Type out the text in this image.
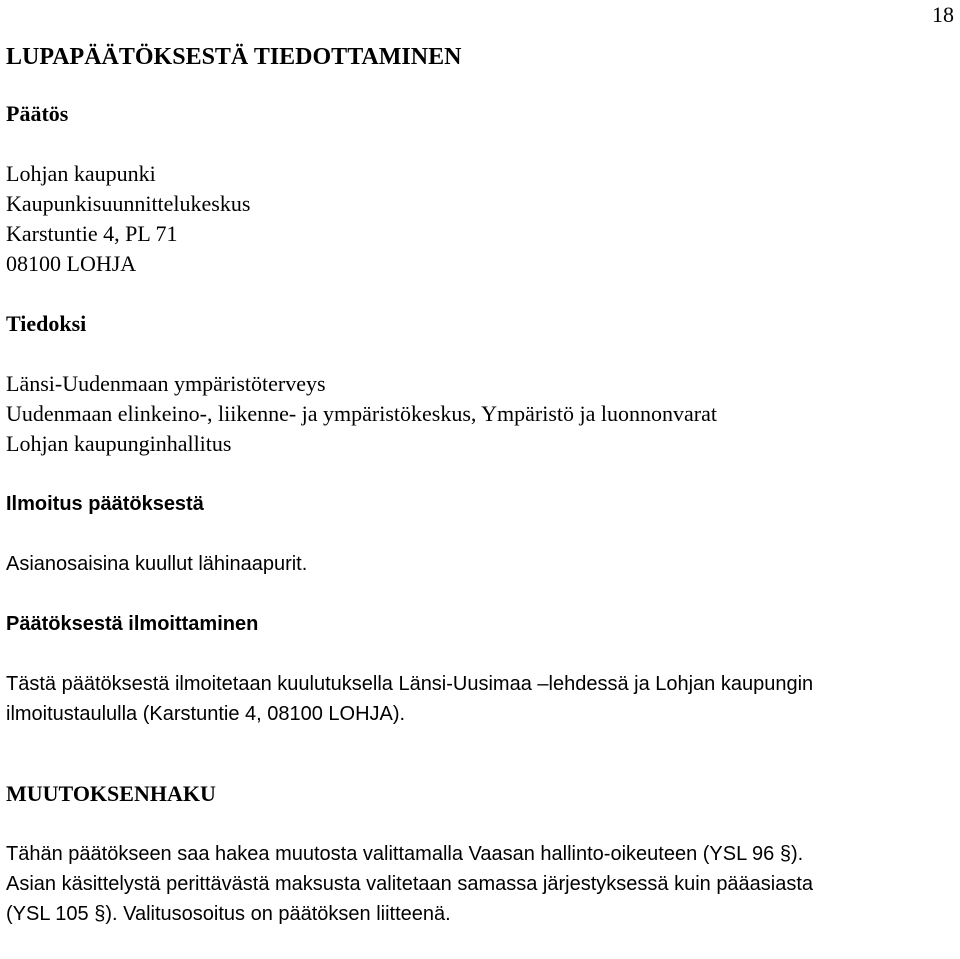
18
LUPAPÄÄTÖKSESTÄ TIEDOTTAMINEN
Päätös
Lohjan kaupunki
Kaupunkisuunnittelukeskus
Karstuntie 4, PL 71
08100 LOHJA
Tiedoksi
Länsi-Uudenmaan ympäristöterveys
Uudenmaan elinkeino-, liikenne- ja ympäristökeskus, Ympäristö ja luonnonvarat
Lohjan kaupunginhallitus
Ilmoitus päätöksestä
Asianosaisina kuullut lähinaapurit.
Päätöksestä ilmoittaminen
Tästä päätöksestä ilmoitetaan kuulutuksella Länsi-Uusimaa –lehdessä ja Lohjan kaupungin
ilmoitustaululla (Karstuntie 4, 08100 LOHJA).
MUUTOKSENHAKU
Tähän päätökseen saa hakea muutosta valittamalla Vaasan hallinto-oikeuteen (YSL 96 §).
Asian käsittelystä perittävästä maksusta valitetaan samassa järjestyksessä kuin pääasiasta
(YSL 105 §). Valitusosoitus on päätöksen liitteenä.
